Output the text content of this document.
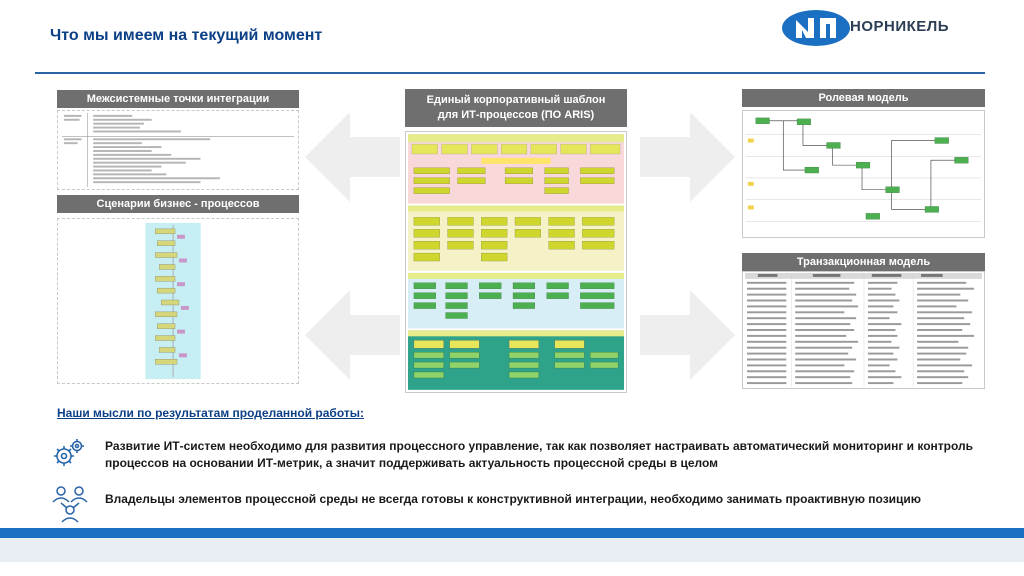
Что мы имеем на текущий момент
НОРНИКЕЛЬ
Межсистемные точки интеграции
Сценарии бизнес - процессов
Единый корпоративный шаблон
для ИТ-процессов (ПО ARIS)
Ролевая модель
Транзакционная модель
Наши мысли по результатам проделанной работы:
Развитие ИТ-систем необходимо для развития процессного управление, так как позволяет настраивать автоматический мониторинг и контроль процессов на основании ИТ-метрик, а значит поддерживать актуальность процессной среды в целом
Владельцы элементов процессной среды не всегда готовы к конструктивной интеграции, необходимо занимать проактивную позицию
